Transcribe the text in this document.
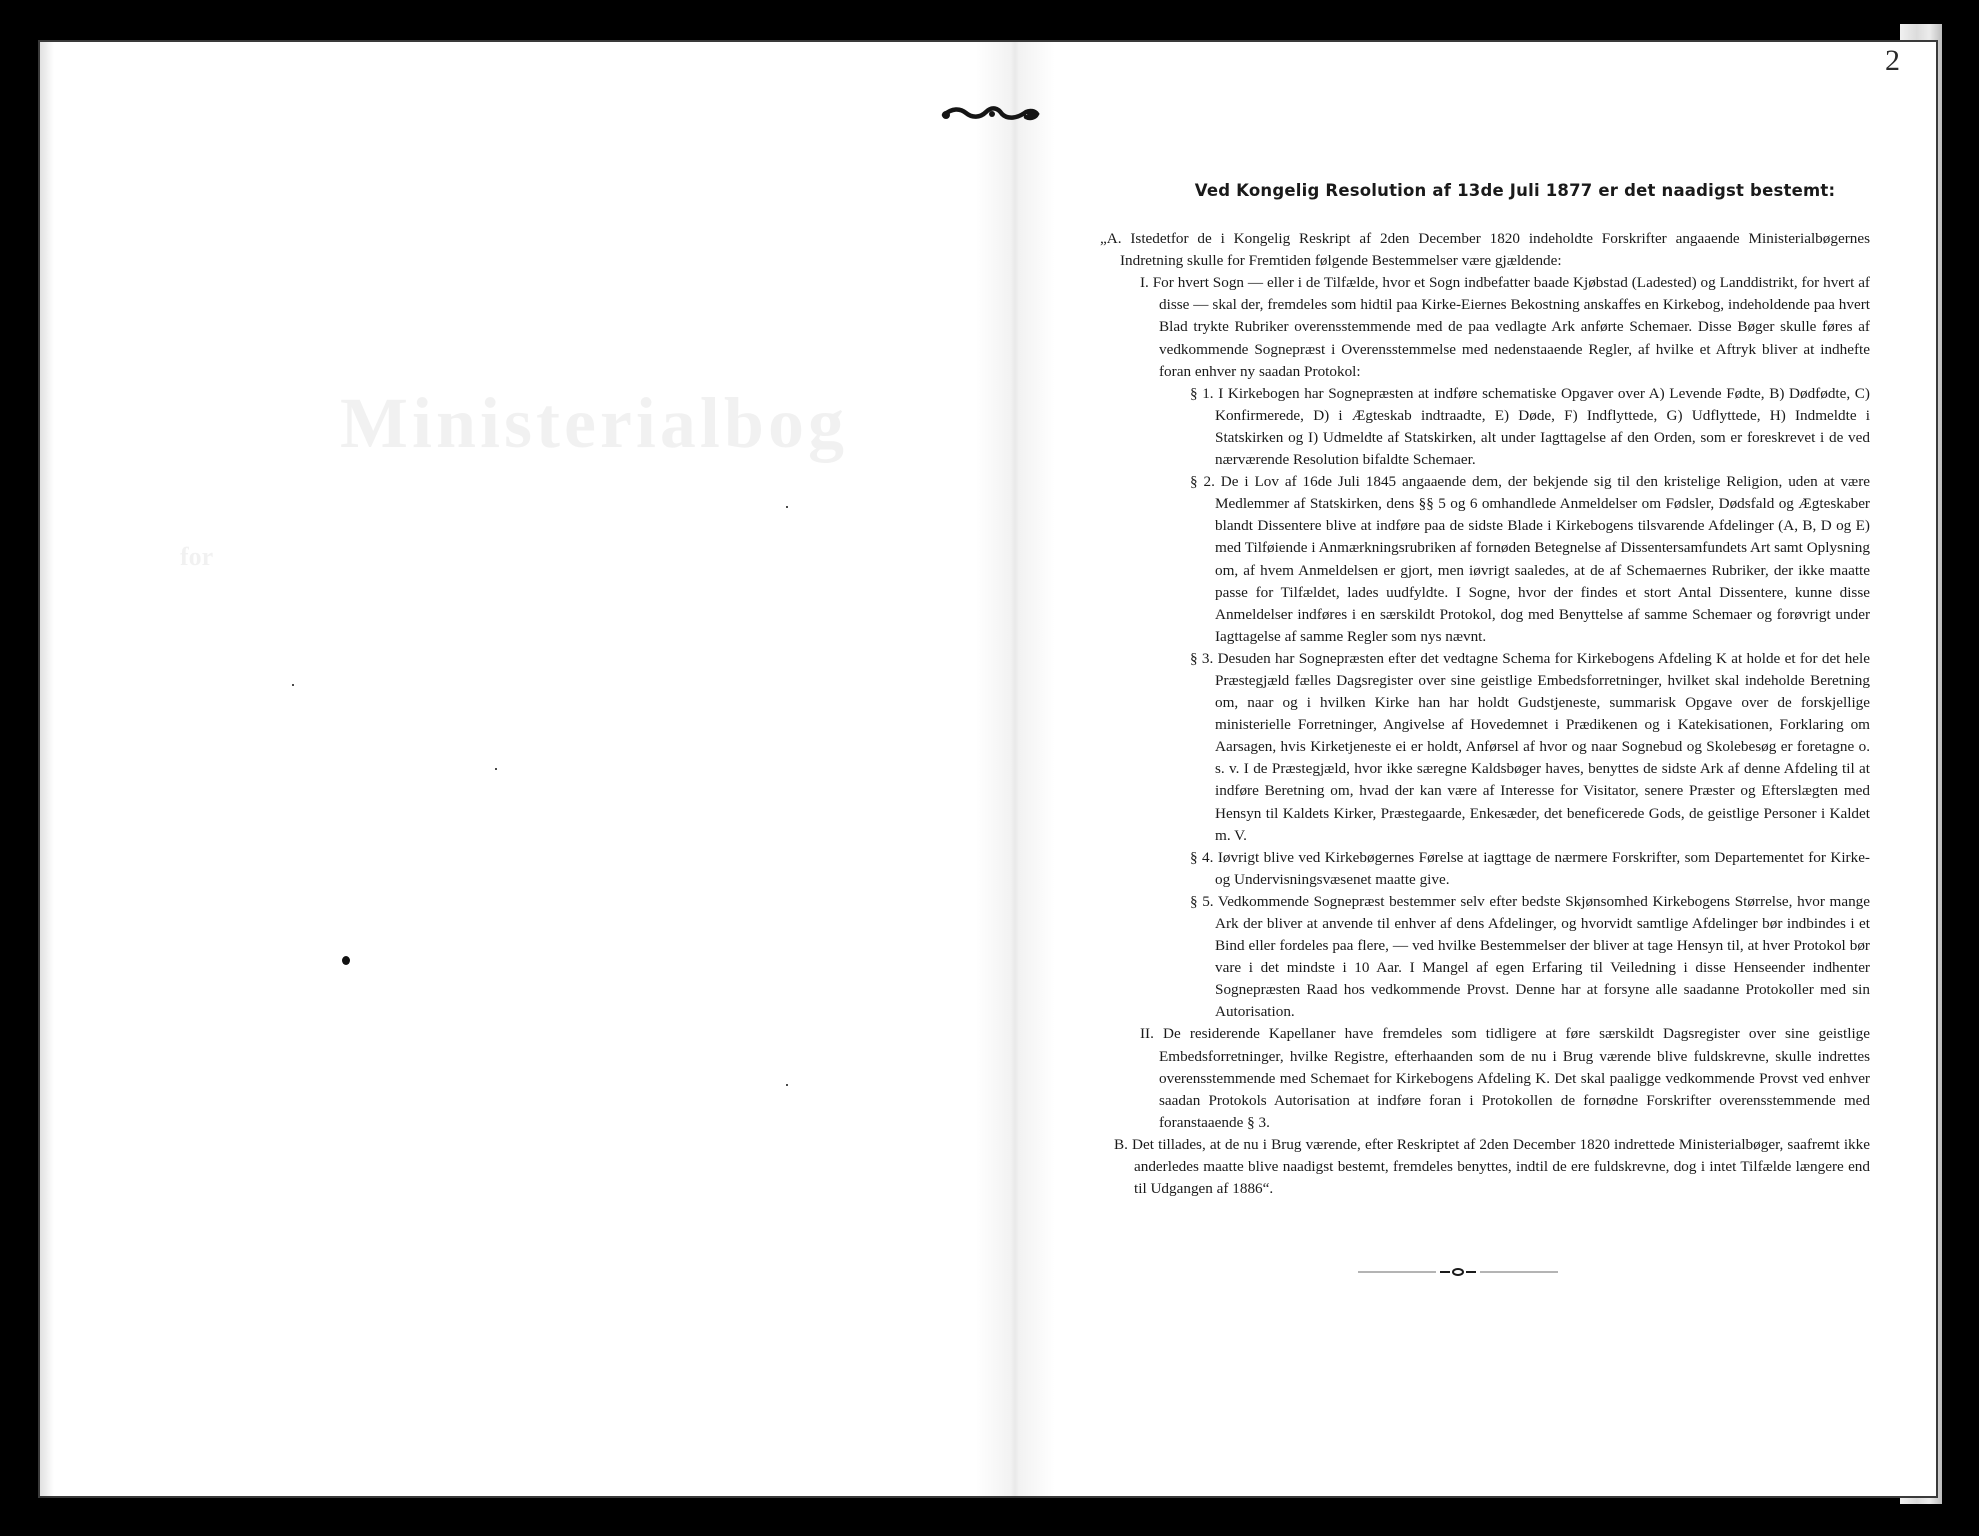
2
Ministerialbog
for
Ved Kongelig Resolution af 13de Juli 1877 er det naadigst bestemt:

„A. Istedetfor de i Kongelig Reskript af 2den December 1820 indeholdte Forskrifter angaaende Ministerialbøgernes Indretning skulle for Fremtiden følgende Bestemmelser være gjældende:

I. For hvert Sogn — eller i de Tilfælde, hvor et Sogn indbefatter baade Kjøbstad (Ladested) og Landdistrikt, for hvert af disse — skal der, fremdeles som hidtil paa Kirke-Eiernes Bekostning anskaffes en Kirkebog, indeholdende paa hvert Blad trykte Rubriker overensstemmende med de paa vedlagte Ark anførte Schemaer. Disse Bøger skulle føres af vedkommende Sognepræst i Overensstemmelse med nedenstaaende Regler, af hvilke et Aftryk bliver at indhefte foran enhver ny saadan Protokol:

§ 1. I Kirkebogen har Sognepræsten at indføre schematiske Opgaver over A) Levende Fødte, B) Dødfødte, C) Konfirmerede, D) i Ægteskab indtraadte, E) Døde, F) Indflyttede, G) Udflyttede, H) Indmeldte i Statskirken og I) Udmeldte af Statskirken, alt under Iagttagelse af den Orden, som er foreskrevet i de ved nærværende Resolution bifaldte Schemaer.

§ 2. De i Lov af 16de Juli 1845 angaaende dem, der bekjende sig til den kristelige Religion, uden at være Medlemmer af Statskirken, dens §§ 5 og 6 omhandlede Anmeldelser om Fødsler, Dødsfald og Ægteskaber blandt Dissentere blive at indføre paa de sidste Blade i Kirkebogens tilsvarende Afdelinger (A, B, D og E) med Tilføiende i Anmærkningsrubriken af fornøden Betegnelse af Dissentersamfundets Art samt Oplysning om, af hvem Anmeldelsen er gjort, men iøvrigt saaledes, at de af Schemaernes Rubriker, der ikke maatte passe for Tilfældet, lades uudfyldte. I Sogne, hvor der findes et stort Antal Dissentere, kunne disse Anmeldelser indføres i en særskildt Protokol, dog med Benyttelse af samme Schemaer og forøvrigt under Iagttagelse af samme Regler som nys nævnt.

§ 3. Desuden har Sognepræsten efter det vedtagne Schema for Kirkebogens Afdeling K at holde et for det hele Præstegjæld fælles Dagsregister over sine geistlige Embedsforretninger, hvilket skal indeholde Beretning om, naar og i hvilken Kirke han har holdt Gudstjeneste, summarisk Opgave over de forskjellige ministerielle Forretninger, Angivelse af Hovedemnet i Prædikenen og i Katekisationen, Forklaring om Aarsagen, hvis Kirketjeneste ei er holdt, Anførsel af hvor og naar Sognebud og Skolebesøg er foretagne o. s. v. I de Præstegjæld, hvor ikke særegne Kaldsbøger haves, benyttes de sidste Ark af denne Afdeling til at indføre Beretning om, hvad der kan være af Interesse for Visitator, senere Præster og Efterslægten med Hensyn til Kaldets Kirker, Præstegaarde, Enkesæder, det beneficerede Gods, de geistlige Personer i Kaldet m. V.

§ 4. Iøvrigt blive ved Kirkebøgernes Førelse at iagttage de nærmere Forskrifter, som Departementet for Kirke- og Undervisningsvæsenet maatte give.

§ 5. Vedkommende Sognepræst bestemmer selv efter bedste Skjønsomhed Kirkebogens Størrelse, hvor mange Ark der bliver at anvende til enhver af dens Afdelinger, og hvorvidt samtlige Afdelinger bør indbindes i et Bind eller fordeles paa flere, — ved hvilke Bestemmelser der bliver at tage Hensyn til, at hver Protokol bør vare i det mindste i 10 Aar. I Mangel af egen Erfaring til Veiledning i disse Henseender indhenter Sognepræsten Raad hos vedkommende Provst. Denne har at forsyne alle saadanne Protokoller med sin Autorisation.

II. De residerende Kapellaner have fremdeles som tidligere at føre særskildt Dagsregister over sine geistlige Embedsforretninger, hvilke Registre, efterhaanden som de nu i Brug værende blive fuldskrevne, skulle indrettes overensstemmende med Schemaet for Kirkebogens Afdeling K. Det skal paaligge vedkommende Provst ved enhver saadan Protokols Autorisation at indføre foran i Protokollen de fornødne Forskrifter overensstemmende med foranstaaende § 3.

B. Det tillades, at de nu i Brug værende, efter Reskriptet af 2den December 1820 indrettede Ministerialbøger, saafremt ikke anderledes maatte blive naadigst bestemt, fremdeles benyttes, indtil de ere fuldskrevne, dog i intet Tilfælde længere end til Udgangen af 1886“.
